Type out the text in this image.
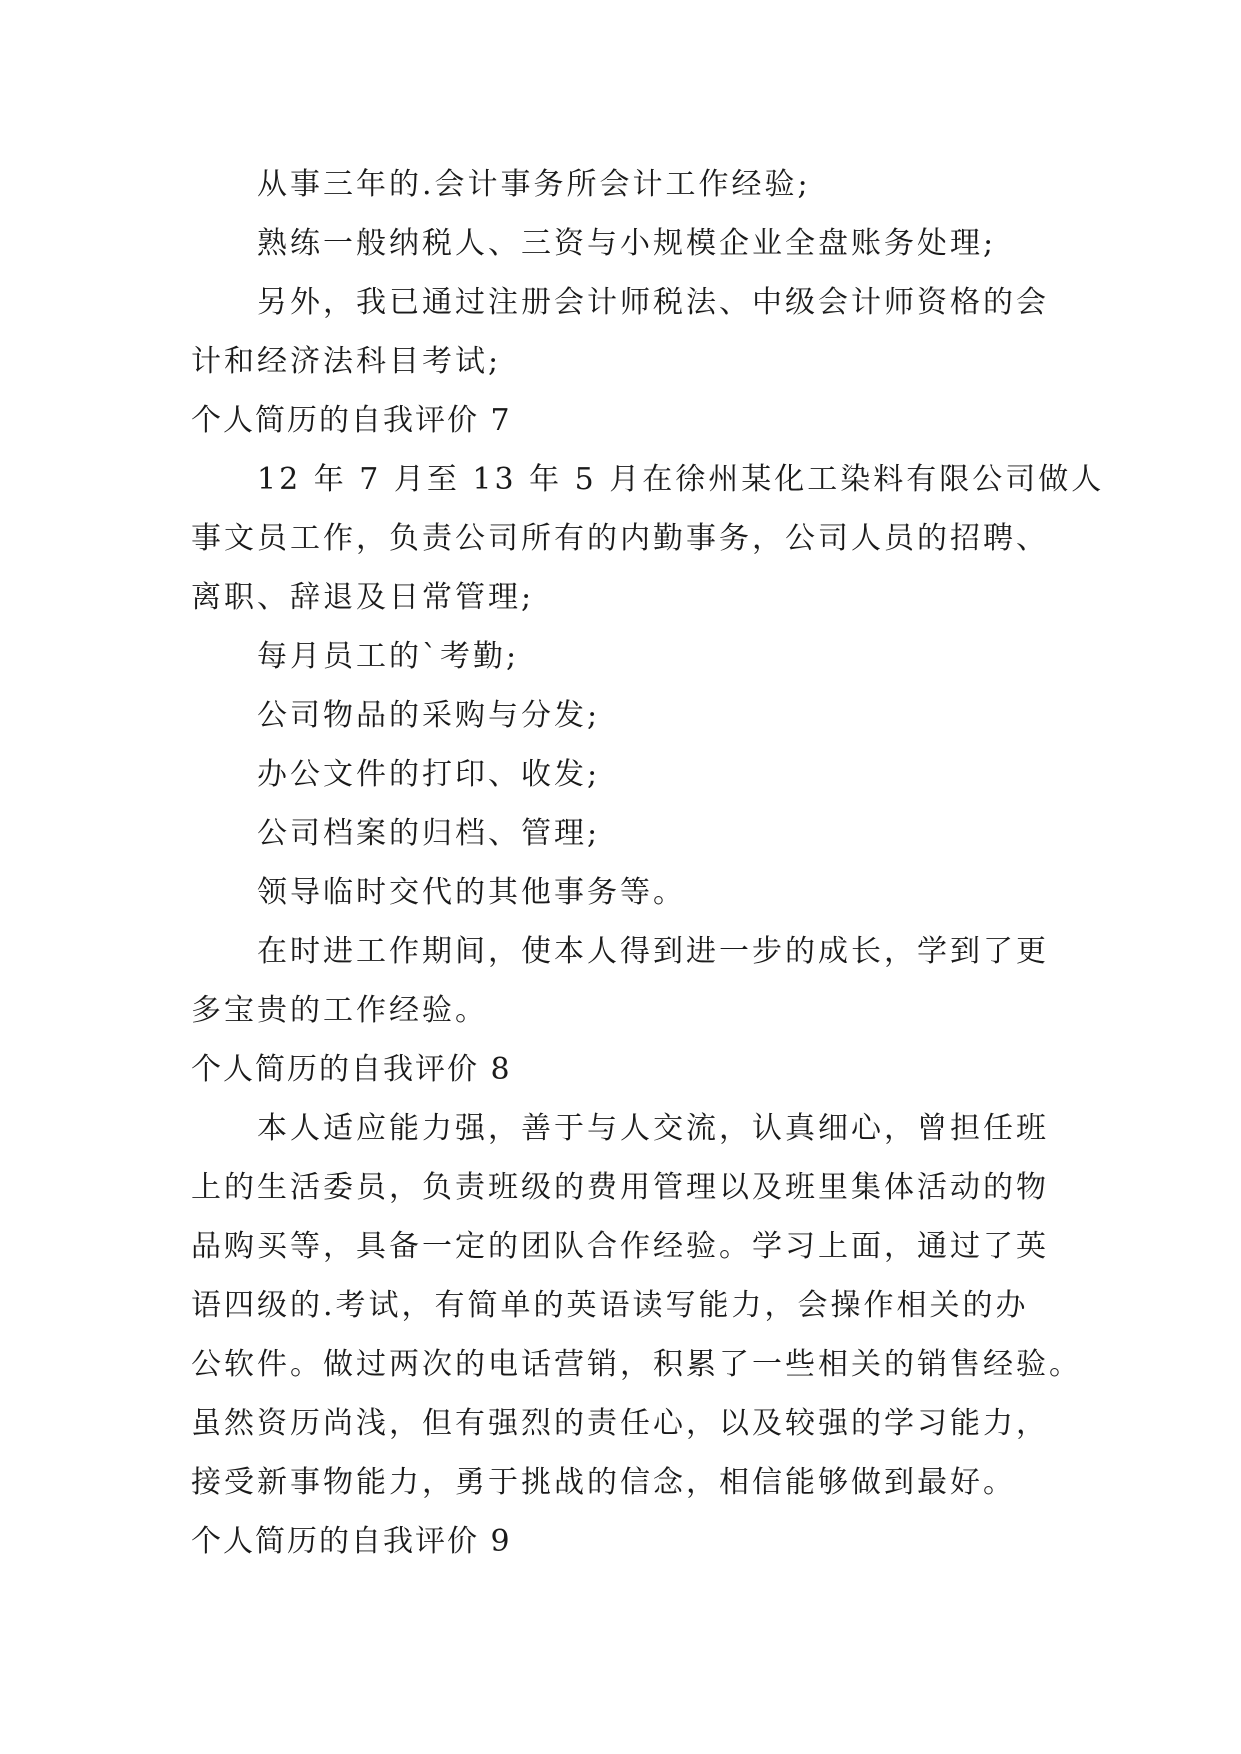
从事三年的.会计事务所会计工作经验;
熟练一般纳税人、三资与小规模企业全盘账务处理;
另外，我已通过注册会计师税法、中级会计师资格的会
计和经济法科目考试;
个人简历的自我评价 7
12 年 7 月至 13 年 5 月在徐州某化工染料有限公司做人
事文员工作，负责公司所有的内勤事务，公司人员的招聘、
离职、辞退及日常管理;
每月员工的`考勤;
公司物品的采购与分发;
办公文件的打印、收发;
公司档案的归档、管理;
领导临时交代的其他事务等。
在时进工作期间，使本人得到进一步的成长，学到了更
多宝贵的工作经验。
个人简历的自我评价 8
本人适应能力强，善于与人交流，认真细心，曾担任班
上的生活委员，负责班级的费用管理以及班里集体活动的物
品购买等，具备一定的团队合作经验。学习上面，通过了英
语四级的.考试，有简单的英语读写能力，会操作相关的办
公软件。做过两次的电话营销，积累了一些相关的销售经验。
虽然资历尚浅，但有强烈的责任心，以及较强的学习能力，
接受新事物能力，勇于挑战的信念，相信能够做到最好。
个人简历的自我评价 9
